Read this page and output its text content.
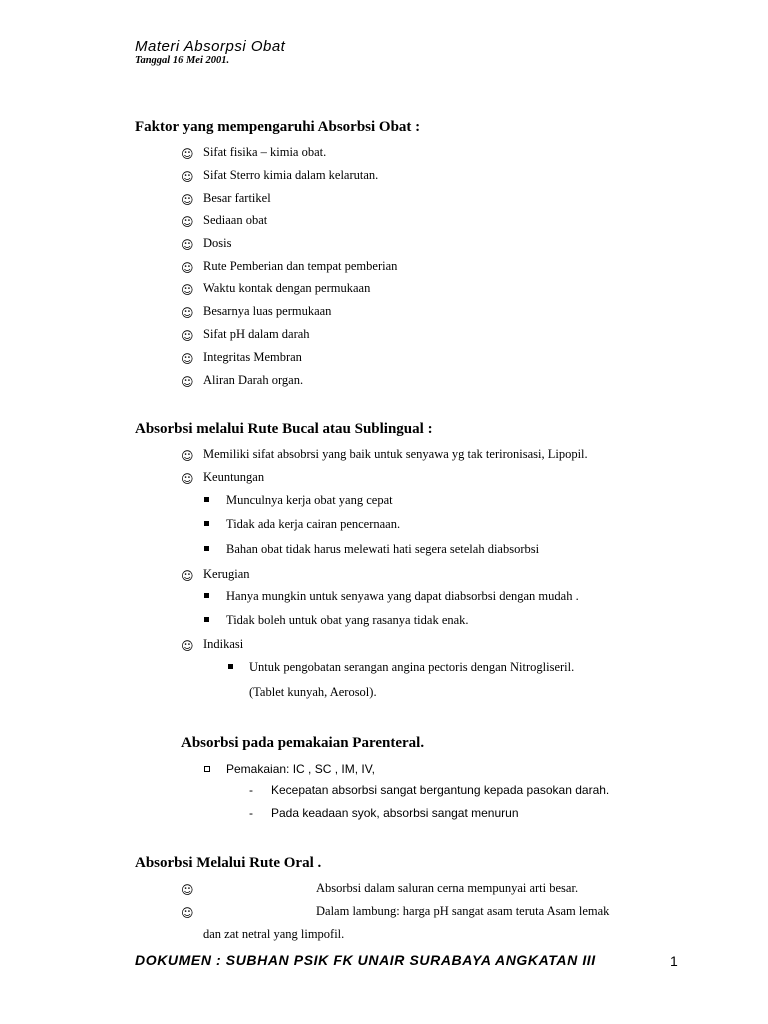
Materi Absorpsi Obat
Tanggal 16 Mei 2001.
Faktor yang mempengaruhi Absorbsi Obat :
☺ Sifat fisika – kimia obat.
☺ Sifat Sterro kimia dalam kelarutan.
☺ Besar fartikel
☺ Sediaan obat
☺ Dosis
☺ Rute Pemberian dan tempat pemberian
☺ Waktu kontak dengan permukaan
☺ Besarnya luas permukaan
☺ Sifat pH dalam darah
☺ Integritas Membran
☺ Aliran Darah organ.
Absorbsi melalui Rute Bucal atau Sublingual :
☺ Memiliki sifat absobrsi yang baik untuk senyawa yg tak terironisasi, Lipopil.
☺ Keuntungan
Munculnya kerja obat yang cepat
Tidak ada kerja cairan pencernaan.
Bahan obat tidak harus melewati hati segera setelah diabsorbsi
☺ Kerugian
Hanya mungkin untuk senyawa yang dapat diabsorbsi dengan mudah .
Tidak boleh untuk obat yang rasanya tidak enak.
☺ Indikasi
Untuk pengobatan serangan angina pectoris dengan Nitrogliseril.
(Tablet kunyah, Aerosol).
Absorbsi pada pemakaian Parenteral.
Pemakaian: IC , SC , IM, IV,
- Kecepatan absorbsi sangat bergantung kepada pasokan darah.
- Pada keadaan syok, absorbsi sangat menurun
Absorbsi Melalui Rute Oral .
☺	Absorbsi dalam saluran cerna mempunyai arti besar.
☺	Dalam lambung: harga pH sangat asam teruta Asam lemak
dan zat netral yang limpofil.
DOKUMEN : SUBHAN PSIK FK UNAIR SURABAYA ANGKATAN III	1
